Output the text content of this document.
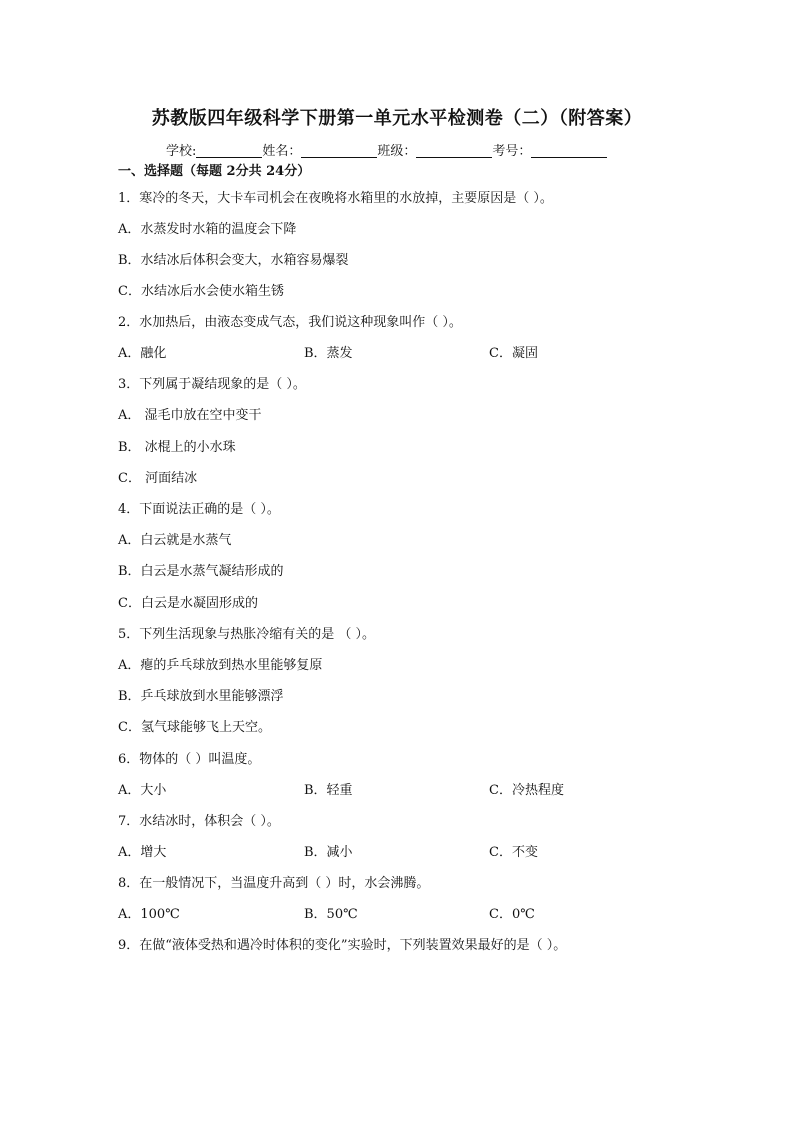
苏教版四年级科学下册第一单元水平检测卷（二）（附答案）
学校:	姓名：	班级：	考号：
一、选择题（每题 2分共 24分）
1．寒冷的冬天，大卡车司机会在夜晚将水箱里的水放掉，主要原因是（ ）。
A．水蒸发时水箱的温度会下降
B．水结冰后体积会变大，水箱容易爆裂
C．水结冰后水会使水箱生锈
2．水加热后，由液态变成气态，我们说这种现象叫作（ ）。
A．融化	B．蒸发	C．凝固
3．下列属于凝结现象的是（ ）。
A． 湿毛巾放在空中变干
B． 冰棍上的小水珠
C． 河面结冰
4．下面说法正确的是（ ）。
A．白云就是水蒸气
B．白云是水蒸气凝结形成的
C．白云是水凝固形成的
5．下列生活现象与热胀冷缩有关的是 （ ）。
A．瘪的乒乓球放到热水里能够复原
B．乒乓球放到水里能够漂浮
C．氢气球能够飞上天空。
6．物体的（ ）叫温度。
A．大小	B．轻重	C．冷热程度
7．水结冰时，体积会（ ）。
A．增大	B．减小	C．不变
8．在一般情况下，当温度升高到（ ）时，水会沸腾。
A．100℃	B．50℃	C．0℃
9．在做“液体受热和遇冷时体积的变化”实验时，下列装置效果最好的是（ ）。
